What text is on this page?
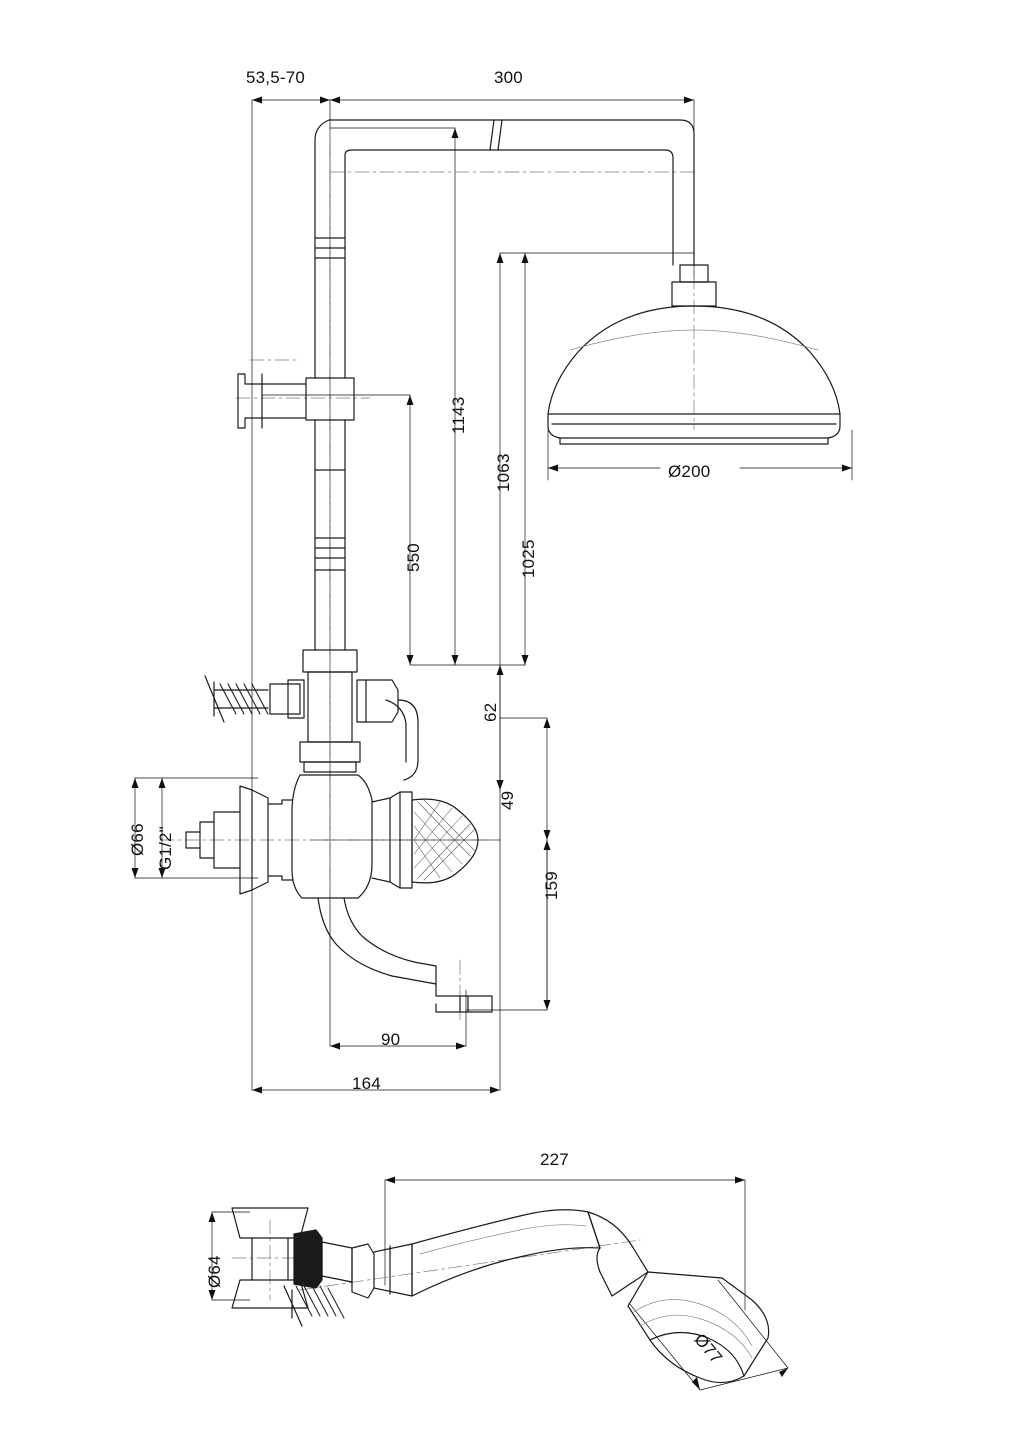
53,5-70	300
1143
1063
1025
550
Ø200
62
49
159
Ø66 G1/2"
90
164
227
Ø64
Ø77
